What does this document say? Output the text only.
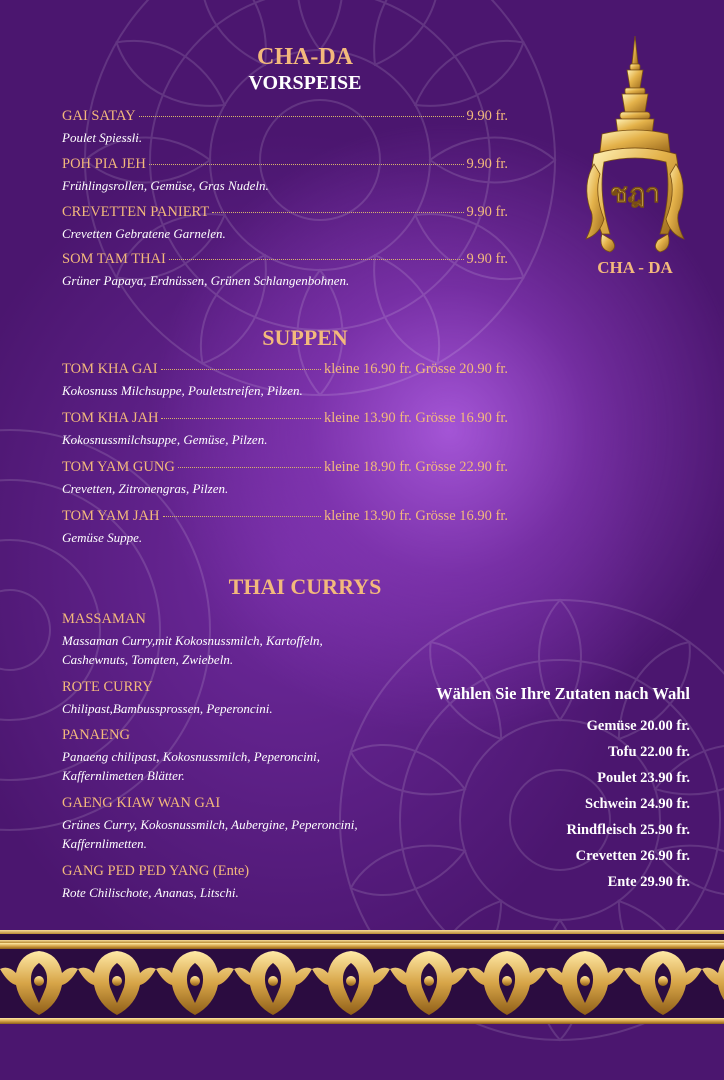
CHA-DA
VORSPEISE
GAI SATAY	9.90 fr.
Poulet Spiessli.
POH PIA JEH	9.90 fr.
Frühlingsrollen, Gemüse, Gras Nudeln.
CREVETTEN PANIERT	9.90 fr.
Crevetten Gebratene Garnelen.
SOM TAM THAI	9.90 fr.
Grüner Papaya, Erdnüssen, Grünen Schlangenbohnen.
SUPPEN
TOM KHA GAI	kleine 16.90 fr. Grösse 20.90 fr.
Kokosnuss Milchsuppe, Pouletstreifen, Pilzen.
TOM KHA JAH	kleine 13.90 fr. Grösse 16.90 fr.
Kokosnussmilchsuppe, Gemüse, Pilzen.
TOM YAM GUNG	kleine 18.90 fr. Grösse 22.90 fr.
Crevetten, Zitronengras, Pilzen.
TOM YAM JAH	kleine 13.90 fr. Grösse 16.90 fr.
Gemüse Suppe.
THAI CURRYS
MASSAMAN
Massaman Curry,mit Kokosnussmilch, Kartoffeln,
Cashewnuts, Tomaten, Zwiebeln.
ROTE CURRY
Chilipast,Bambussprossen, Peperoncini.
PANAENG
Panaeng chilipast, Kokosnussmilch, Peperoncini,
Kaffernlimetten Blätter.
GAENG KIAW WAN GAI
Grünes Curry, Kokosnussmilch, Aubergine, Peperoncini,
Kaffernlimetten.
GANG PED PED YANG (Ente)
Rote Chilischote, Ananas, Litschi.
Wählen Sie Ihre Zutaten nach Wahl
Gemüse 20.00 fr.
Tofu 22.00 fr.
Poulet 23.90 fr.
Schwein 24.90 fr.
Rindfleisch 25.90 fr.
Crevetten 26.90 fr.
Ente 29.90 fr.
ชฎา
CHA - DA
